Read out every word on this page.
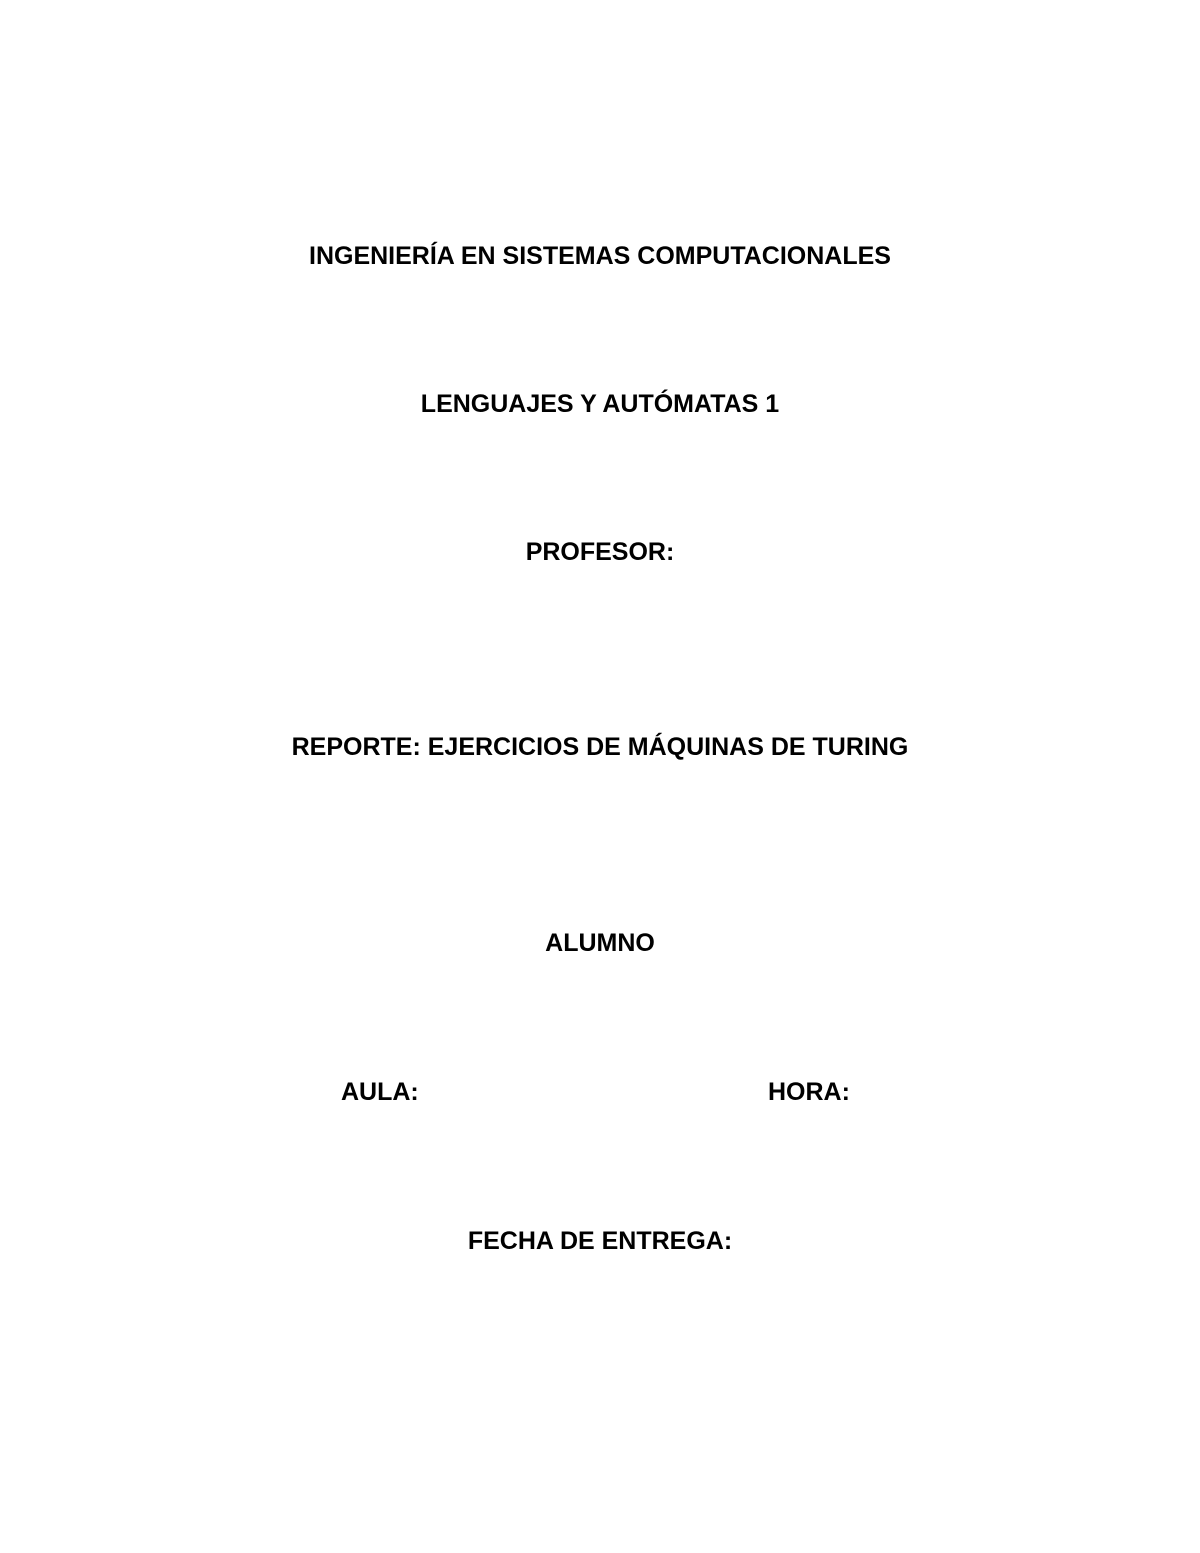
INGENIERÍA EN SISTEMAS COMPUTACIONALES
LENGUAJES Y AUTÓMATAS 1
PROFESOR:
REPORTE: EJERCICIOS DE MÁQUINAS DE TURING
ALUMNO
AULA:	HORA:
FECHA DE ENTREGA:
